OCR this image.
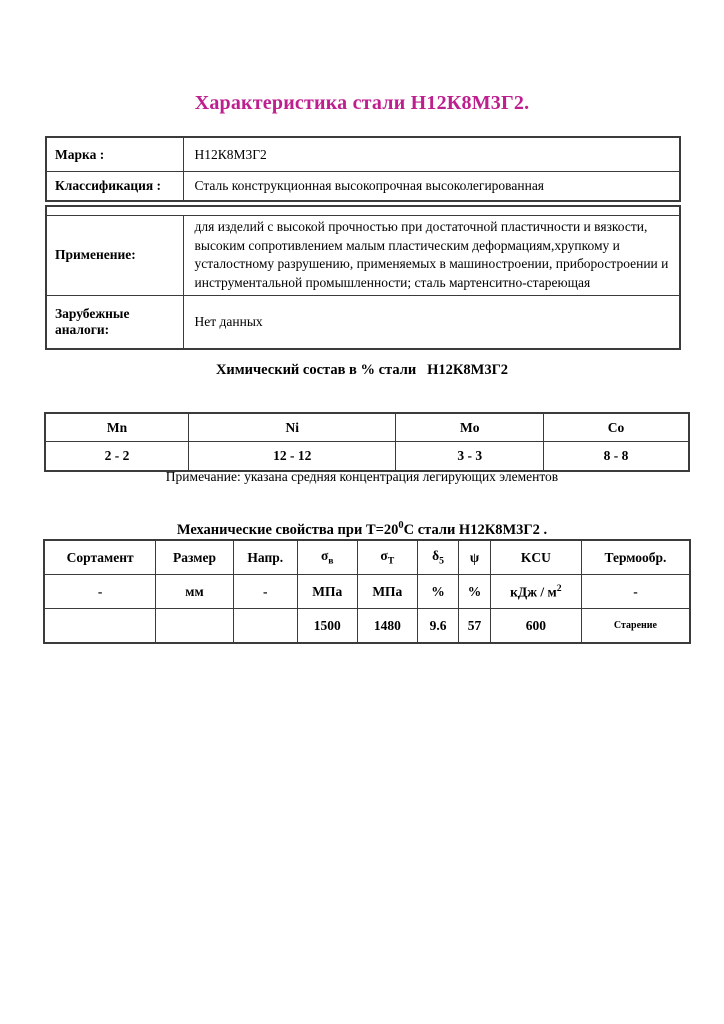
Характеристика стали Н12К8М3Г2.
Марка :	Н12К8М3Г2
Классификация :	Сталь конструкционная высокопрочная высоколегированная

Применение:	для изделий с высокой прочностью при достаточной пластичности и вязкости, высоким сопротивлением малым пластическим деформациям,хрупкому и усталостному разрушению, применяемых в машиностроении, приборостроении и инструментальной промышленности; сталь мартенситно-стареющая
Зарубежные аналоги:	Нет данных
Химический состав в % стали   Н12К8М3Г2
Mn	Ni	Mo	Co
2 - 2	12 - 12	3 - 3	8 - 8
Примечание: указана средняя концентрация легирующих элементов
Механические свойства при $Т=20^0С$ стали Н12К8М3Г2 .
Сортамент	Размер	Напр.	$\sigma_в$	$\sigma_Т$	$\delta_5$	ψ	KCU	Термообр.
-	мм	-	МПа	МПа	%	%	кДж / $м^2$	-
			1500	1480	9.6	57	600	Старение
